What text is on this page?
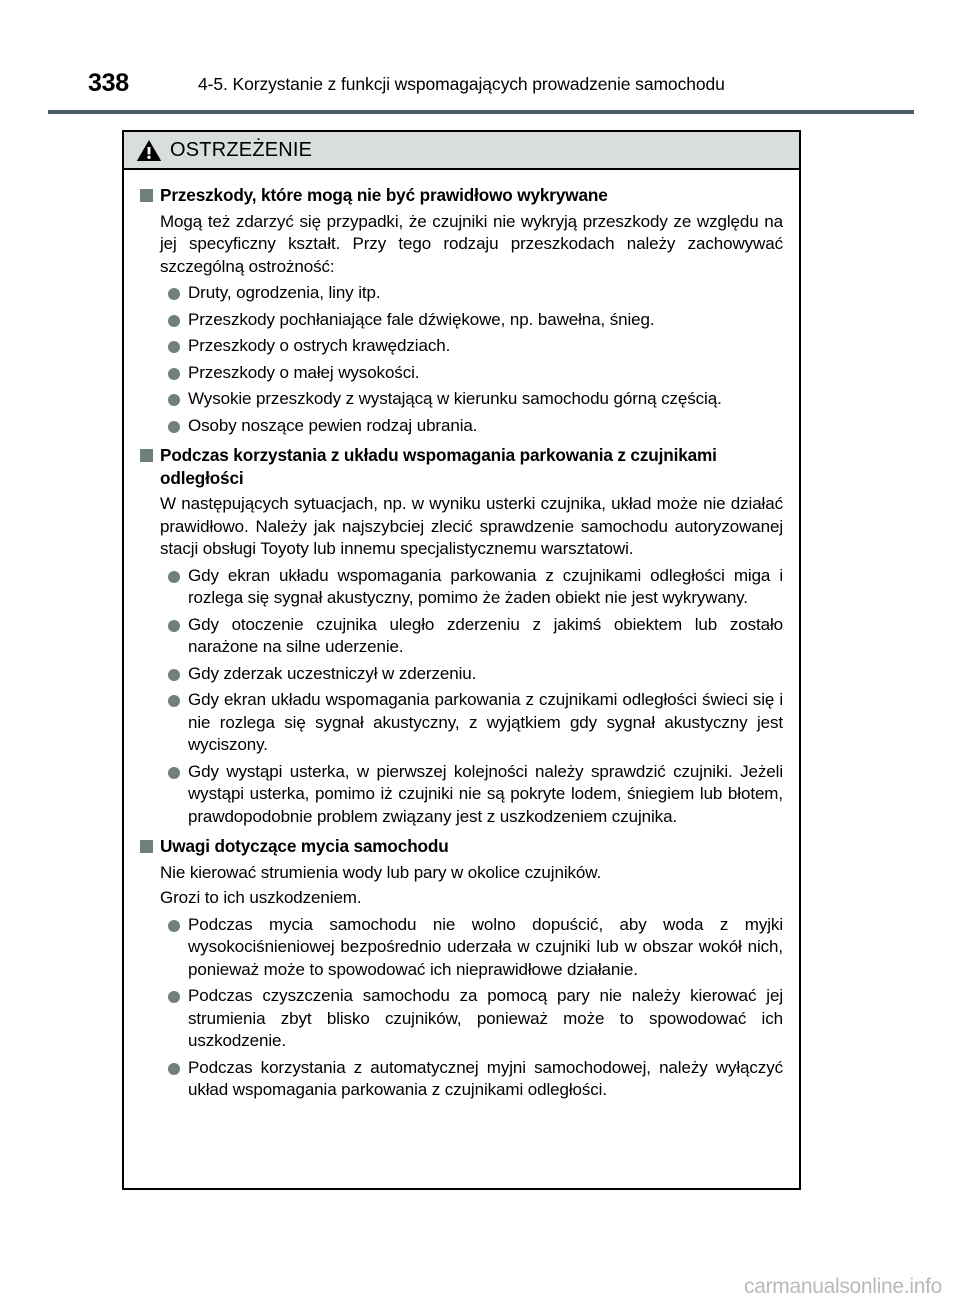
338	4-5. Korzystanie z funkcji wspomagających prowadzenie samochodu
OSTRZEŻENIE
Przeszkody, które mogą nie być prawidłowo wykrywane
Mogą też zdarzyć się przypadki, że czujniki nie wykryją przeszkody ze względu na jej specyficzny kształt. Przy tego rodzaju przeszkodach należy zachowywać szczególną ostrożność:
Druty, ogrodzenia, liny itp.
Przeszkody pochłaniające fale dźwiękowe, np. bawełna, śnieg.
Przeszkody o ostrych krawędziach.
Przeszkody o małej wysokości.
Wysokie przeszkody z wystającą w kierunku samochodu górną częścią.
Osoby noszące pewien rodzaj ubrania.
Podczas korzystania z układu wspomagania parkowania z czujnikami odległości
W następujących sytuacjach, np. w wyniku usterki czujnika, układ może nie działać prawidłowo. Należy jak najszybciej zlecić sprawdzenie samochodu autoryzowanej stacji obsługi Toyoty lub innemu specjalistycznemu warsztatowi.
Gdy ekran układu wspomagania parkowania z czujnikami odległości miga i rozlega się sygnał akustyczny, pomimo że żaden obiekt nie jest wykrywany.
Gdy otoczenie czujnika uległo zderzeniu z jakimś obiektem lub zostało narażone na silne uderzenie.
Gdy zderzak uczestniczył w zderzeniu.
Gdy ekran układu wspomagania parkowania z czujnikami odległości świeci się i nie rozlega się sygnał akustyczny, z wyjątkiem gdy sygnał akustyczny jest wyciszony.
Gdy wystąpi usterka, w pierwszej kolejności należy sprawdzić czujniki. Jeżeli wystąpi usterka, pomimo iż czujniki nie są pokryte lodem, śniegiem lub błotem, prawdopodobnie problem związany jest z uszkodzeniem czujnika.
Uwagi dotyczące mycia samochodu
Nie kierować strumienia wody lub pary w okolice czujników.
Grozi to ich uszkodzeniem.
Podczas mycia samochodu nie wolno dopuścić, aby woda z myjki wysokociśnieniowej bezpośrednio uderzała w czujniki lub w obszar wokół nich, ponieważ może to spowodować ich nieprawidłowe działanie.
Podczas czyszczenia samochodu za pomocą pary nie należy kierować jej strumienia zbyt blisko czujników, ponieważ może to spowodować ich uszkodzenie.
Podczas korzystania z automatycznej myjni samochodowej, należy wyłączyć układ wspomagania parkowania z czujnikami odległości.
carmanualsonline.info
